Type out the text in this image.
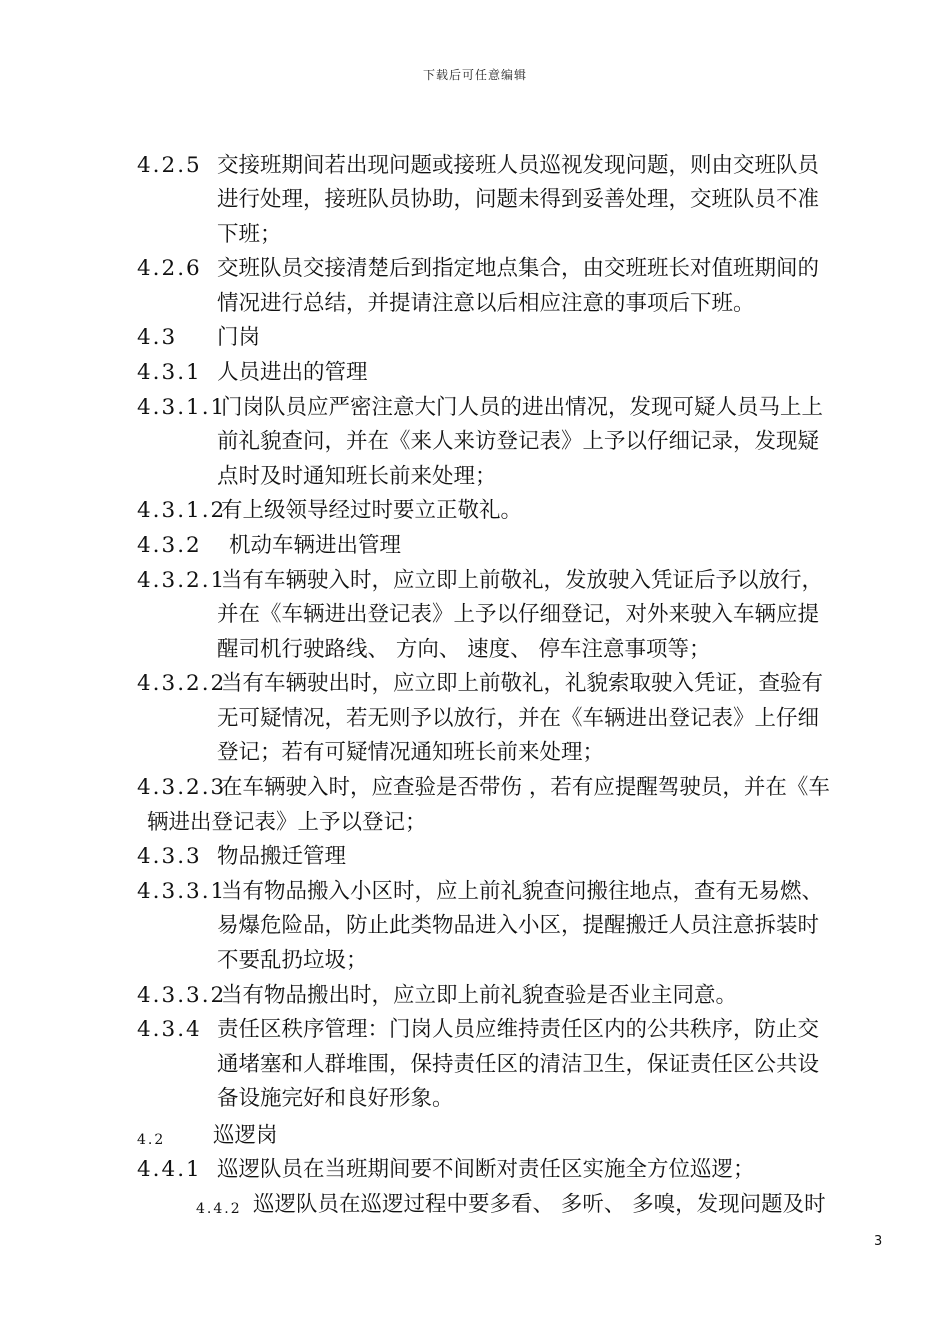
下载后可任意编辑
4.2.5 交接班期间若出现问题或接班人员巡视发现问题，则由交班队员
进行处理，接班队员协助，问题未得到妥善处理，交班队员不准
下班；
4.2.6 交班队员交接清楚后到指定地点集合，由交班班长对值班期间的
情况进行总结，并提请注意以后相应注意的事项后下班。
4.3 门岗
4.3.1 人员进出的管理
4.3.1.1
门岗队员应严密注意大门人员的进出情况，发现可疑人员马上上
前礼貌查问，并在《来人来访登记表》上予以仔细记录，发现疑
点时及时通知班长前来处理；
4.3.1.2
有上级领导经过时要立正敬礼。
4.3.2 机动车辆进出管理
4.3.2.1
当有车辆驶入时，应立即上前敬礼，发放驶入凭证后予以放行，
并在《车辆进出登记表》上予以仔细登记，对外来驶入车辆应提
醒司机行驶路线、 方向、 速度、 停车注意事项等；
4.3.2.2
当有车辆驶出时，应立即上前敬礼，礼貌索取驶入凭证，查验有
无可疑情况，若无则予以放行，并在《车辆进出登记表》上仔细
登记；若有可疑情况通知班长前来处理；
4.3.2.3
在车辆驶入时，应查验是否带伤 ，若有应提醒驾驶员，并在《车
辆进出登记表》上予以登记；
4.3.3 物品搬迁管理
4.3.3.1
当有物品搬入小区时，应上前礼貌查问搬往地点，查有无易燃、
易爆危险品，防止此类物品进入小区，提醒搬迁人员注意拆装时
不要乱扔垃圾；
4.3.3.2
当有物品搬出时，应立即上前礼貌查验是否业主同意。
4.3.4 责任区秩序管理：门岗人员应维持责任区内的公共秩序，防止交
通堵塞和人群堆围，保持责任区的清洁卫生，保证责任区公共设
备设施完好和良好形象。
4.2 巡逻岗
4.4.1 巡逻队员在当班期间要不间断对责任区实施全方位巡逻；
4.4.2 巡逻队员在巡逻过程中要多看、 多听、 多嗅，发现问题及时
3
